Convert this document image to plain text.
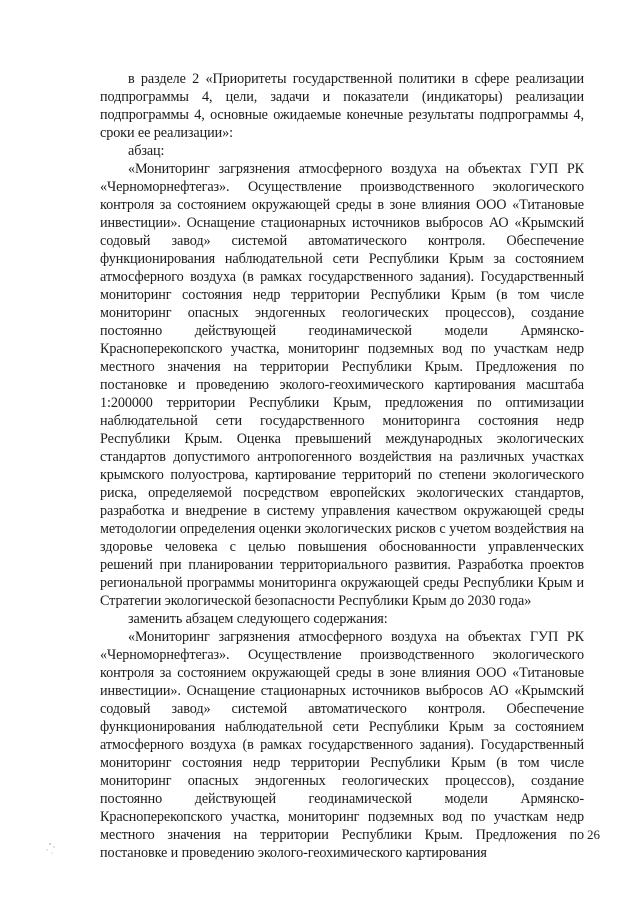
в разделе 2 «Приоритеты государственной политики в сфере реализации подпрограммы 4, цели, задачи и показатели (индикаторы) реализации подпрограммы 4, основные ожидаемые конечные результаты подпрограммы 4, сроки ее реализации»:

абзац:

«Мониторинг загрязнения атмосферного воздуха на объектах ГУП РК «Черноморнефтегаз». Осуществление производственного экологического контроля за состоянием окружающей среды в зоне влияния ООО «Титановые инвестиции». Оснащение стационарных источников выбросов АО «Крымский содовый завод» системой автоматического контроля. Обеспечение функционирования наблюдательной сети Республики Крым за состоянием атмосферного воздуха (в рамках государственного задания). Государственный мониторинг состояния недр территории Республики Крым (в том числе мониторинг опасных эндогенных геологических процессов), создание постоянно действующей геодинамической модели Армянско-Красноперекопского участка, мониторинг подземных вод по участкам недр местного значения на территории Республики Крым. Предложения по постановке и проведению эколого-геохимического картирования масштаба 1:200000 территории Республики Крым, предложения по оптимизации наблюдательной сети государственного мониторинга состояния недр Республики Крым. Оценка превышений международных экологических стандартов допустимого антропогенного воздействия на различных участках крымского полуострова, картирование территорий по степени экологического риска, определяемой посредством европейских экологических стандартов, разработка и внедрение в систему управления качеством окружающей среды методологии определения оценки экологических рисков с учетом воздействия на здоровье человека с целью повышения обоснованности управленческих решений при планировании территориального развития. Разработка проектов региональной программы мониторинга окружающей среды Республики Крым и Стратегии экологической безопасности Республики Крым до 2030 года»

заменить абзацем следующего содержания:

«Мониторинг загрязнения атмосферного воздуха на объектах ГУП РК «Черноморнефтегаз». Осуществление производственного экологического контроля за состоянием окружающей среды в зоне влияния ООО «Титановые инвестиции». Оснащение стационарных источников выбросов АО «Крымский содовый завод» системой автоматического контроля. Обеспечение функционирования наблюдательной сети Республики Крым за состоянием атмосферного воздуха (в рамках государственного задания). Государственный мониторинг состояния недр территории Республики Крым (в том числе мониторинг опасных эндогенных геологических процессов), создание постоянно действующей геодинамической модели Армянско-Красноперекопского участка, мониторинг подземных вод по участкам недр местного значения на территории Республики Крым. Предложения по постановке и проведению эколого-геохимического картирования

26
